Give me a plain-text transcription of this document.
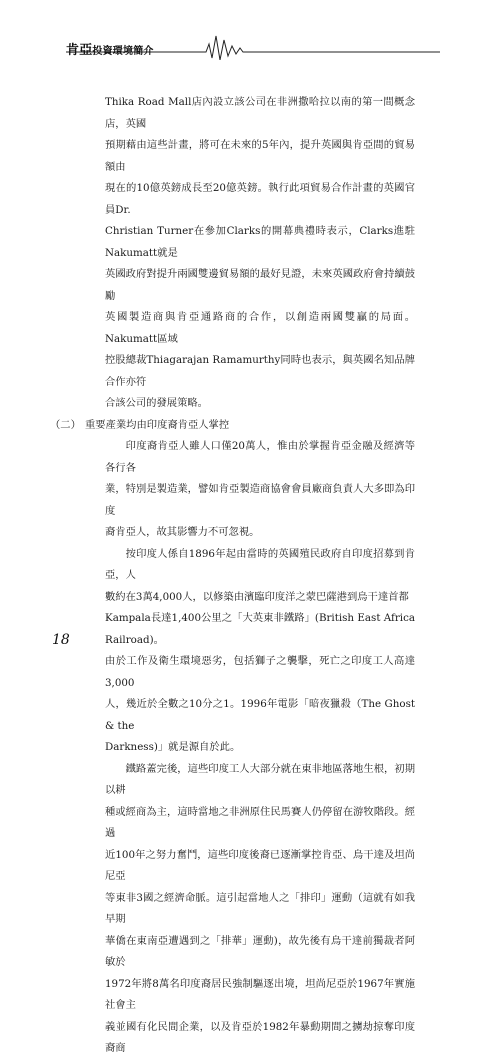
肯亞投資環境簡介

Thika Road Mall店內設立該公司在非洲撒哈拉以南的第一間概念店，英國

預期藉由這些計畫，將可在未來的5年內，提升英國與肯亞間的貿易額由

現在的10億英鎊成長至20億英鎊。執行此項貿易合作計畫的英國官員Dr.

Christian Turner在參加Clarks的開幕典禮時表示，Clarks進駐Nakumatt就是

英國政府對提升兩國雙邊貿易額的最好見證，未來英國政府會持續鼓勵

英國製造商與肯亞通路商的合作，以創造兩國雙贏的局面。Nakumatt區域

控股總裁Thiagarajan Ramamurthy同時也表示，與英國名知品牌合作亦符

合該公司的發展策略。

（二） 重要產業均由印度裔肯亞人掌控

印度裔肯亞人雖人口僅20萬人，惟由於掌握肯亞金融及經濟等各行各

業，特別是製造業，譬如肯亞製造商協會會員廠商負責人大多即為印度

裔肯亞人，故其影響力不可忽視。

按印度人係自1896年起由當時的英國殖民政府自印度招募到肯亞，人

數約在3萬4,000人，以修築由濱臨印度洋之蒙巴薩港到烏干達首都

Kampala長達1,400公里之「大英東非鐵路」(British East Africa Railroad)。

由於工作及衛生環境惡劣，包括獅子之襲擊，死亡之印度工人高達3,000

人，幾近於全數之10分之1。1996年電影「暗夜獵殺（The Ghost & the

Darkness)」就是源自於此。

鐵路蓋完後，這些印度工人大部分就在東非地區落地生根，初期以耕

種或經商為主，這時當地之非洲原住民馬賽人仍停留在游牧階段。經過

近100年之努力奮鬥，這些印度後裔已逐漸掌控肯亞、烏干達及坦尚尼亞

等東非3國之經濟命脈。這引起當地人之「排印」運動（這就有如我早期

華僑在東南亞遭遇到之「排華」運動)，故先後有烏干達前獨裁者阿敏於

1972年將8萬名印度裔居民強制驅逐出境，坦尚尼亞於1967年實施社會主

義並國有化民間企業，以及肯亞於1982年暴動期間之擄劫掠奪印度裔商

18
